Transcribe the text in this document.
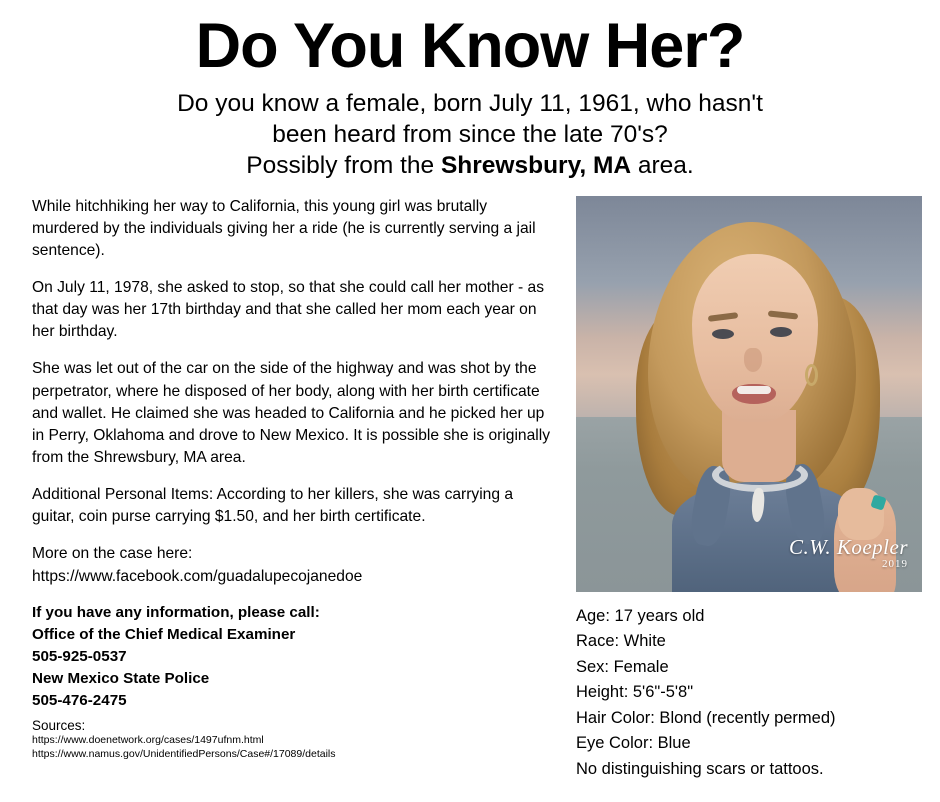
Do You Know Her?
Do you know a female, born July 11, 1961, who hasn't
been heard from since the late 70's?
Possibly from the Shrewsbury, MA area.

While hitchhiking her way to California, this young girl was brutally murdered by the individuals giving her a ride (he is currently serving a jail sentence).

On July 11, 1978, she asked to stop, so that she could call her mother - as that day was her 17th birthday and that she called her mom each year on her birthday.

She was let out of the car on the side of the highway and was shot by the perpetrator, where he disposed of her body, along with her birth certificate and wallet. He claimed she was headed to California and he picked her up in Perry, Oklahoma and drove to New Mexico. It is possible she is originally from the Shrewsbury, MA area.

Additional Personal Items: According to her killers, she was carrying a guitar, coin purse carrying $1.50, and her birth certificate.

More on the case here:
https://www.facebook.com/guadalupecojanedoe
If you have any information, please call:
Office of the Chief Medical Examiner
505-925-0537
New Mexico State Police
505-476-2475
Sources:
https://www.doenetwork.org/cases/1497ufnm.html
https://www.namus.gov/UnidentifiedPersons/Case#/17089/details
C.W. Koepler
2019
Age: 17 years old
Race: White
Sex: Female
Height: 5'6"-5'8"
Hair Color: Blond (recently permed)
Eye Color: Blue
No distinguishing scars or tattoos.
